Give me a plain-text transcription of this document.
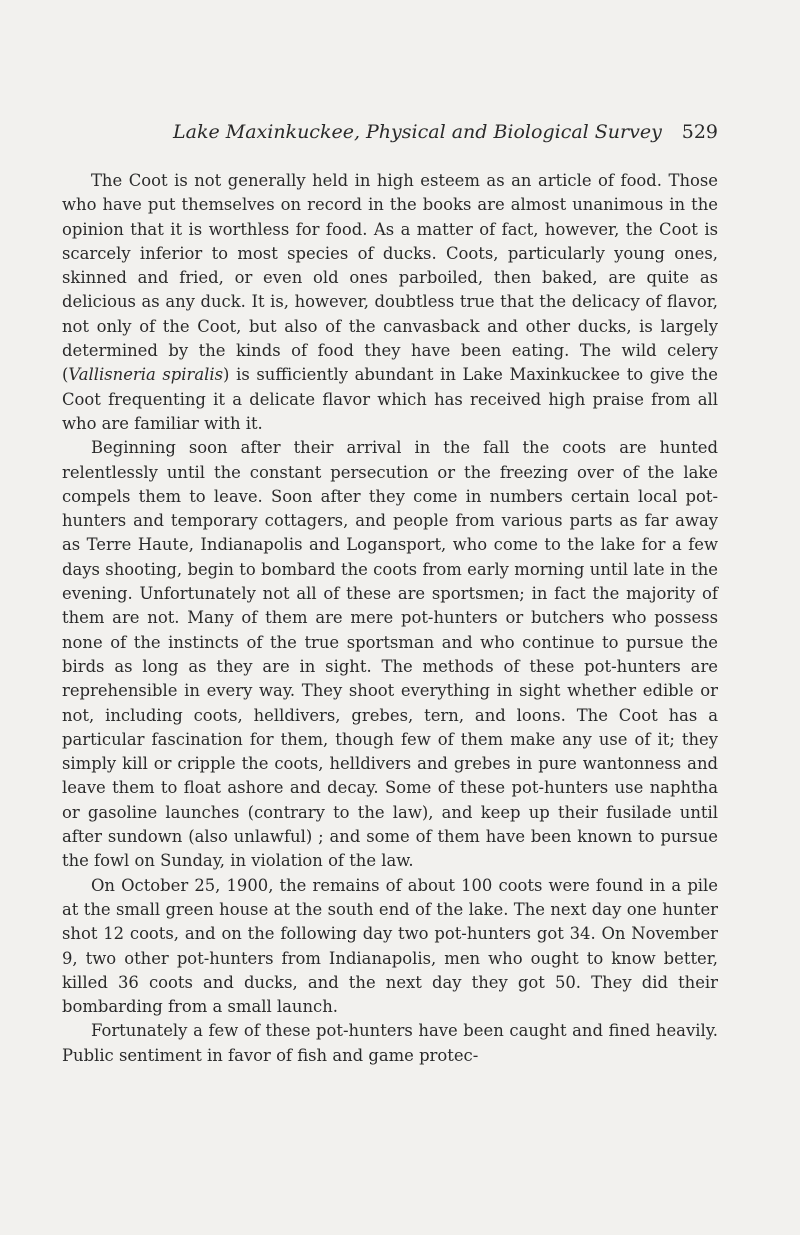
Lake Maxinkuckee, Physical and Biological Survey 529

The Coot is not generally held in high esteem as an article of food. Those who have put themselves on record in the books are almost unanimous in the opinion that it is worthless for food. As a matter of fact, however, the Coot is scarcely inferior to most species of ducks. Coots, particularly young ones, skinned and fried, or even old ones parboiled, then baked, are quite as delicious as any duck. It is, however, doubtless true that the delicacy of flavor, not only of the Coot, but also of the canvasback and other ducks, is largely determined by the kinds of food they have been eating. The wild celery (Vallisneria spiralis) is sufficiently abundant in Lake Maxinkuckee to give the Coot frequenting it a delicate flavor which has received high praise from all who are familiar with it.

Beginning soon after their arrival in the fall the coots are hunted relentlessly until the constant persecution or the freezing over of the lake compels them to leave. Soon after they come in numbers certain local pot-hunters and temporary cottagers, and people from various parts as far away as Terre Haute, Indianapolis and Logansport, who come to the lake for a few days shooting, begin to bombard the coots from early morning until late in the evening. Unfortunately not all of these are sportsmen; in fact the majority of them are not. Many of them are mere pot-hunters or butchers who possess none of the instincts of the true sportsman and who continue to pursue the birds as long as they are in sight. The methods of these pot-hunters are reprehensible in every way. They shoot everything in sight whether edible or not, including coots, helldivers, grebes, tern, and loons. The Coot has a particular fascination for them, though few of them make any use of it; they simply kill or cripple the coots, helldivers and grebes in pure wantonness and leave them to float ashore and decay. Some of these pot-hunters use naphtha or gasoline launches (contrary to the law), and keep up their fusilade until after sundown (also unlawful) ; and some of them have been known to pursue the fowl on Sunday, in violation of the law.

On October 25, 1900, the remains of about 100 coots were found in a pile at the small green house at the south end of the lake. The next day one hunter shot 12 coots, and on the following day two pot-hunters got 34. On November 9, two other pot-hunters from Indianapolis, men who ought to know better, killed 36 coots and ducks, and the next day they got 50. They did their bombarding from a small launch.

Fortunately a few of these pot-hunters have been caught and fined heavily. Public sentiment in favor of fish and game protec-
